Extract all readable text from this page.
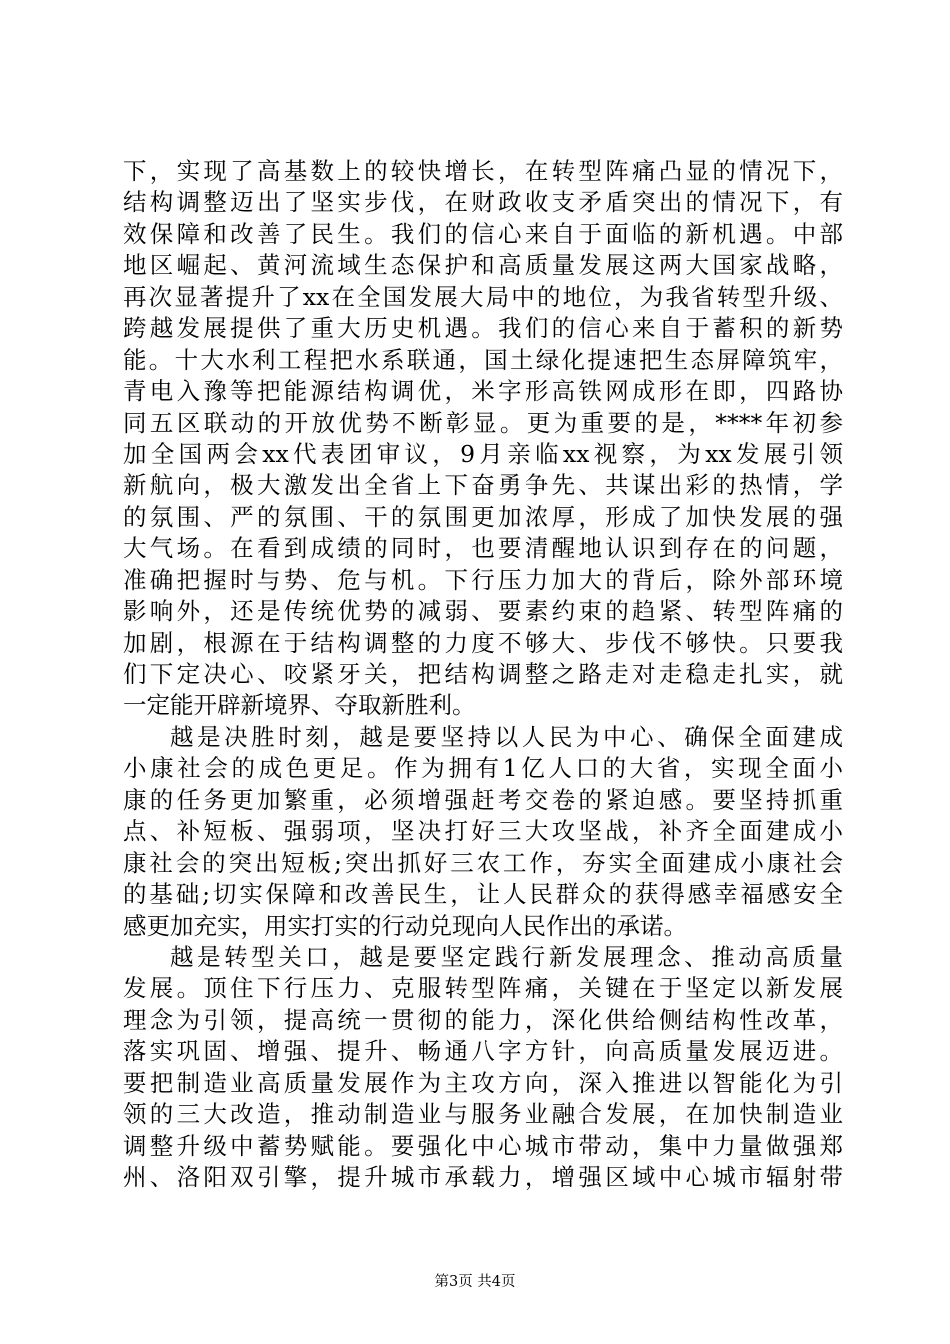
下，实现了高基数上的较快增长，在转型阵痛凸显的情况下，
结构调整迈出了坚实步伐，在财政收支矛盾突出的情况下，有
效保障和改善了民生。我们的信心来自于面临的新机遇。中部
地区崛起、黄河流域生态保护和高质量发展这两大国家战略，
再次显著提升了xx在全国发展大局中的地位，为我省转型升级、
跨越发展提供了重大历史机遇。我们的信心来自于蓄积的新势
能。十大水利工程把水系联通，国土绿化提速把生态屏障筑牢，
青电入豫等把能源结构调优，米字形高铁网成形在即，四路协
同五区联动的开放优势不断彰显。更为重要的是，****年初参
加全国两会xx代表团审议，9月亲临xx视察，为xx发展引领
新航向，极大激发出全省上下奋勇争先、共谋出彩的热情，学
的氛围、严的氛围、干的氛围更加浓厚，形成了加快发展的强
大气场。在看到成绩的同时，也要清醒地认识到存在的问题，
准确把握时与势、危与机。下行压力加大的背后，除外部环境
影响外，还是传统优势的减弱、要素约束的趋紧、转型阵痛的
加剧，根源在于结构调整的力度不够大、步伐不够快。只要我
们下定决心、咬紧牙关，把结构调整之路走对走稳走扎实，就
一定能开辟新境界、夺取新胜利。
越是决胜时刻，越是要坚持以人民为中心、确保全面建成
小康社会的成色更足。作为拥有1亿人口的大省，实现全面小
康的任务更加繁重，必须增强赶考交卷的紧迫感。要坚持抓重
点、补短板、强弱项，坚决打好三大攻坚战，补齐全面建成小
康社会的突出短板;突出抓好三农工作，夯实全面建成小康社会
的基础;切实保障和改善民生，让人民群众的获得感幸福感安全
感更加充实，用实打实的行动兑现向人民作出的承诺。
越是转型关口，越是要坚定践行新发展理念、推动高质量
发展。顶住下行压力、克服转型阵痛，关键在于坚定以新发展
理念为引领，提高统一贯彻的能力，深化供给侧结构性改革，
落实巩固、增强、提升、畅通八字方针，向高质量发展迈进。
要把制造业高质量发展作为主攻方向，深入推进以智能化为引
领的三大改造，推动制造业与服务业融合发展，在加快制造业
调整升级中蓄势赋能。要强化中心城市带动，集中力量做强郑
州、洛阳双引擎，提升城市承载力，增强区域中心城市辐射带
第3页 共4页
